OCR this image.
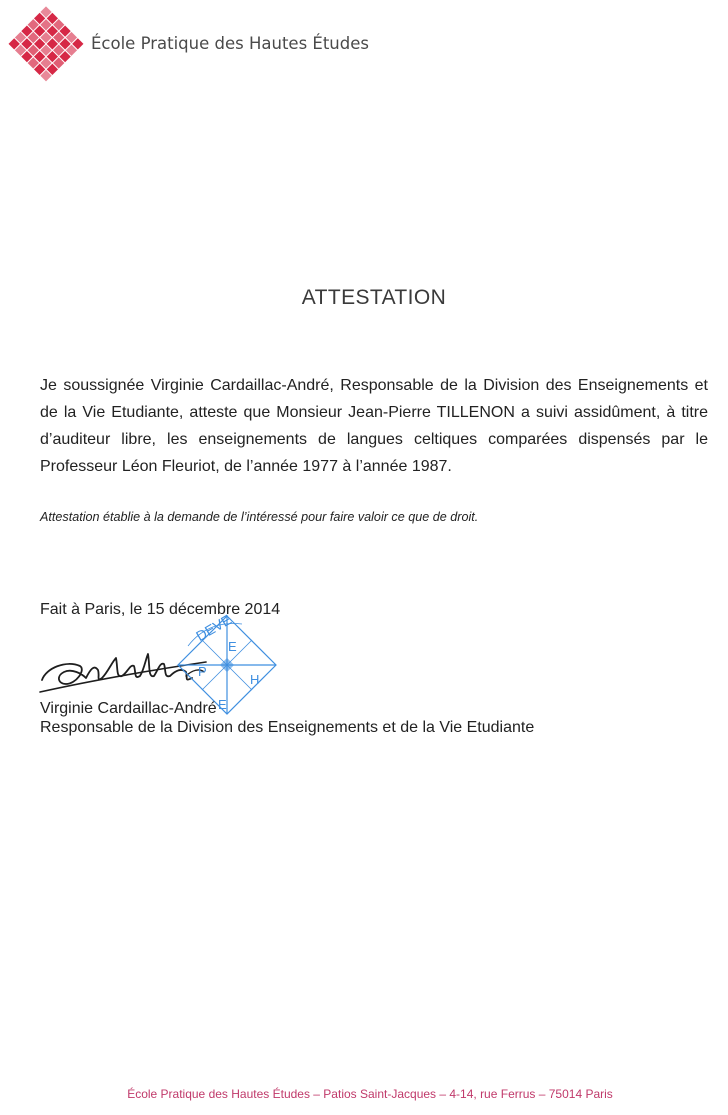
École Pratique des Hautes Études
ATTESTATION
Je soussignée Virginie Cardaillac-André, Responsable de la Division des Enseignements et de la Vie Etudiante, atteste que Monsieur Jean-Pierre TILLENON a suivi assidûment, à titre d’auditeur libre, les enseignements de langues celtiques comparées dispensés par le Professeur Léon Fleuriot, de l’année 1977 à l’année 1987.
Attestation établie à la demande de l’intéressé pour faire valoir ce que de droit.
Fait à Paris, le 15 décembre 2014
DEVE
E
P
H
E
Virginie Cardaillac-André
Responsable de la Division des Enseignements et de la Vie Etudiante
École Pratique des Hautes Études – Patios Saint-Jacques – 4-14, rue Ferrus – 75014 Paris
